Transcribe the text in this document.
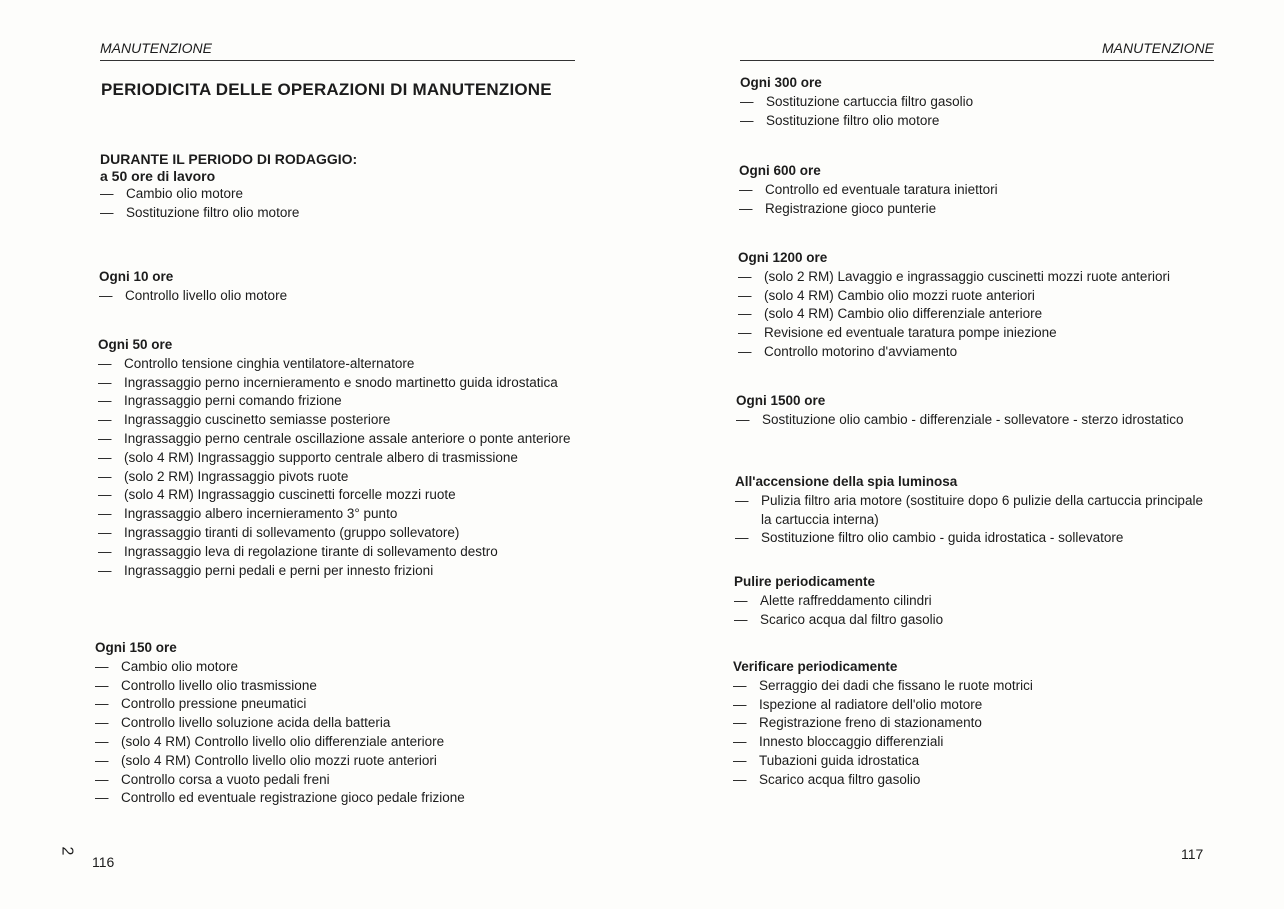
MANUTENZIONE
PERIODICITA DELLE OPERAZIONI DI MANUTENZIONE
DURANTE IL PERIODO DI RODAGGIO:
a 50 ore di lavoro
—
Cambio olio motore
—
Sostituzione filtro olio motore
Ogni 10 ore
—
Controllo livello olio motore
Ogni 50 ore
—
Controllo tensione cinghia ventilatore-alternatore
—
Ingrassaggio perno incernieramento e snodo martinetto guida idrostatica
—
Ingrassaggio perni comando frizione
—
Ingrassaggio cuscinetto semiasse posteriore
—
Ingrassaggio perno centrale oscillazione assale anteriore o ponte anteriore
—
(solo 4 RM) Ingrassaggio supporto centrale albero di trasmissione
—
(solo 2 RM) Ingrassaggio pivots ruote
—
(solo 4 RM) Ingrassaggio cuscinetti forcelle mozzi ruote
—
Ingrassaggio albero incernieramento 3° punto
—
Ingrassaggio tiranti di sollevamento (gruppo sollevatore)
—
Ingrassaggio leva di regolazione tirante di sollevamento destro
—
Ingrassaggio perni pedali e perni per innesto frizioni
Ogni 150 ore
—
Cambio olio motore
—
Controllo livello olio trasmissione
—
Controllo pressione pneumatici
—
Controllo livello soluzione acida della batteria
—
(solo 4 RM) Controllo livello olio differenziale anteriore
—
(solo 4 RM) Controllo livello olio mozzi ruote anteriori
—
Controllo corsa a vuoto pedali freni
—
Controllo ed eventuale registrazione gioco pedale frizione
2
116
MANUTENZIONE
Ogni 300 ore
—
Sostituzione cartuccia filtro gasolio
—
Sostituzione filtro olio motore
Ogni 600 ore
—
Controllo ed eventuale taratura iniettori
—
Registrazione gioco punterie
Ogni 1200 ore
—
(solo 2 RM) Lavaggio e ingrassaggio cuscinetti mozzi ruote anteriori
—
(solo 4 RM) Cambio olio mozzi ruote anteriori
—
(solo 4 RM) Cambio olio differenziale anteriore
—
Revisione ed eventuale taratura pompe iniezione
—
Controllo motorino d'avviamento
Ogni 1500 ore
—
Sostituzione olio cambio - differenziale - sollevatore - sterzo idrostatico
All'accensione della spia luminosa
—
Pulizia filtro aria motore (sostituire dopo 6 pulizie della cartuccia principale la cartuccia interna)
—
Sostituzione filtro olio cambio - guida idrostatica - sollevatore
Pulire periodicamente
—
Alette raffreddamento cilindri
—
Scarico acqua dal filtro gasolio
Verificare periodicamente
—
Serraggio dei dadi che fissano le ruote motrici
—
Ispezione al radiatore dell'olio motore
—
Registrazione freno di stazionamento
—
Innesto bloccaggio differenziali
—
Tubazioni guida idrostatica
—
Scarico acqua filtro gasolio
117
